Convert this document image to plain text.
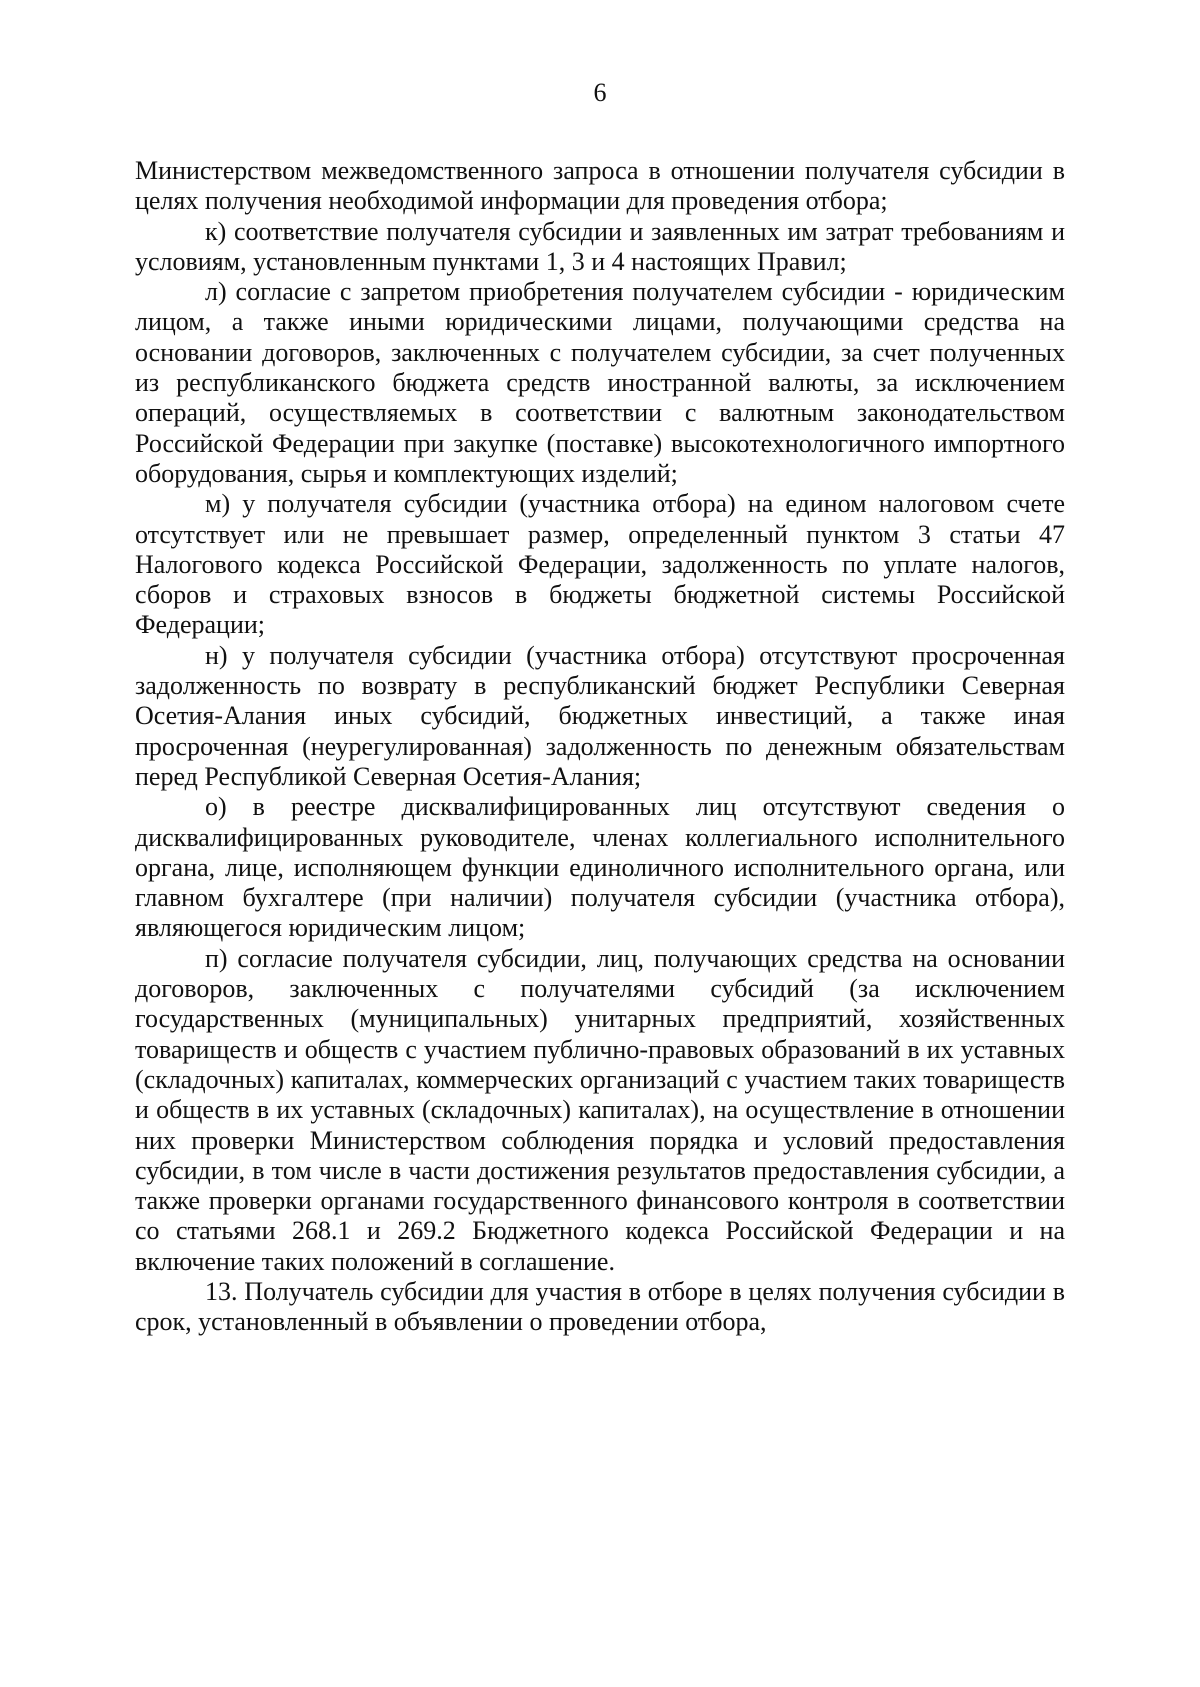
6

Министерством межведомственного запроса в отношении получателя субсидии в целях получения необходимой информации для проведения отбора;

к) соответствие получателя субсидии и заявленных им затрат требованиям и условиям, установленным пунктами 1, 3 и 4 настоящих Правил;

л) согласие с запретом приобретения получателем субсидии - юридическим лицом, а также иными юридическими лицами, получающими средства на основании договоров, заключенных с получателем субсидии, за счет полученных из республиканского бюджета средств иностранной валюты, за исключением операций, осуществляемых в соответствии с валютным законодательством Российской Федерации при закупке (поставке) высокотехнологичного импортного оборудования, сырья и комплектующих изделий;

м) у получателя субсидии (участника отбора) на едином налоговом счете отсутствует или не превышает размер, определенный пунктом 3 статьи 47 Налогового кодекса Российской Федерации, задолженность по уплате налогов, сборов и страховых взносов в бюджеты бюджетной системы Российской Федерации;

н) у получателя субсидии (участника отбора) отсутствуют просроченная задолженность по возврату в республиканский бюджет Республики Северная Осетия-Алания иных субсидий, бюджетных инвестиций, а также иная просроченная (неурегулированная) задолженность по денежным обязательствам перед Республикой Северная Осетия-Алания;

о) в реестре дисквалифицированных лиц отсутствуют сведения о дисквалифицированных руководителе, членах коллегиального исполнительного органа, лице, исполняющем функции единоличного исполнительного органа, или главном бухгалтере (при наличии) получателя субсидии (участника отбора), являющегося юридическим лицом;

п) согласие получателя субсидии, лиц, получающих средства на основании договоров, заключенных с получателями субсидий (за исключением государственных (муниципальных) унитарных предприятий, хозяйственных товариществ и обществ с участием публично-правовых образований в их уставных (складочных) капиталах, коммерческих организаций с участием таких товариществ и обществ в их уставных (складочных) капиталах), на осуществление в отношении них проверки Министерством соблюдения порядка и условий предоставления субсидии, в том числе в части достижения результатов предоставления субсидии, а также проверки органами государственного финансового контроля в соответствии со статьями 268.1 и 269.2 Бюджетного кодекса Российской Федерации и на включение таких положений в соглашение.

13. Получатель субсидии для участия в отборе в целях получения субсидии в срок, установленный в объявлении о проведении отбора,
